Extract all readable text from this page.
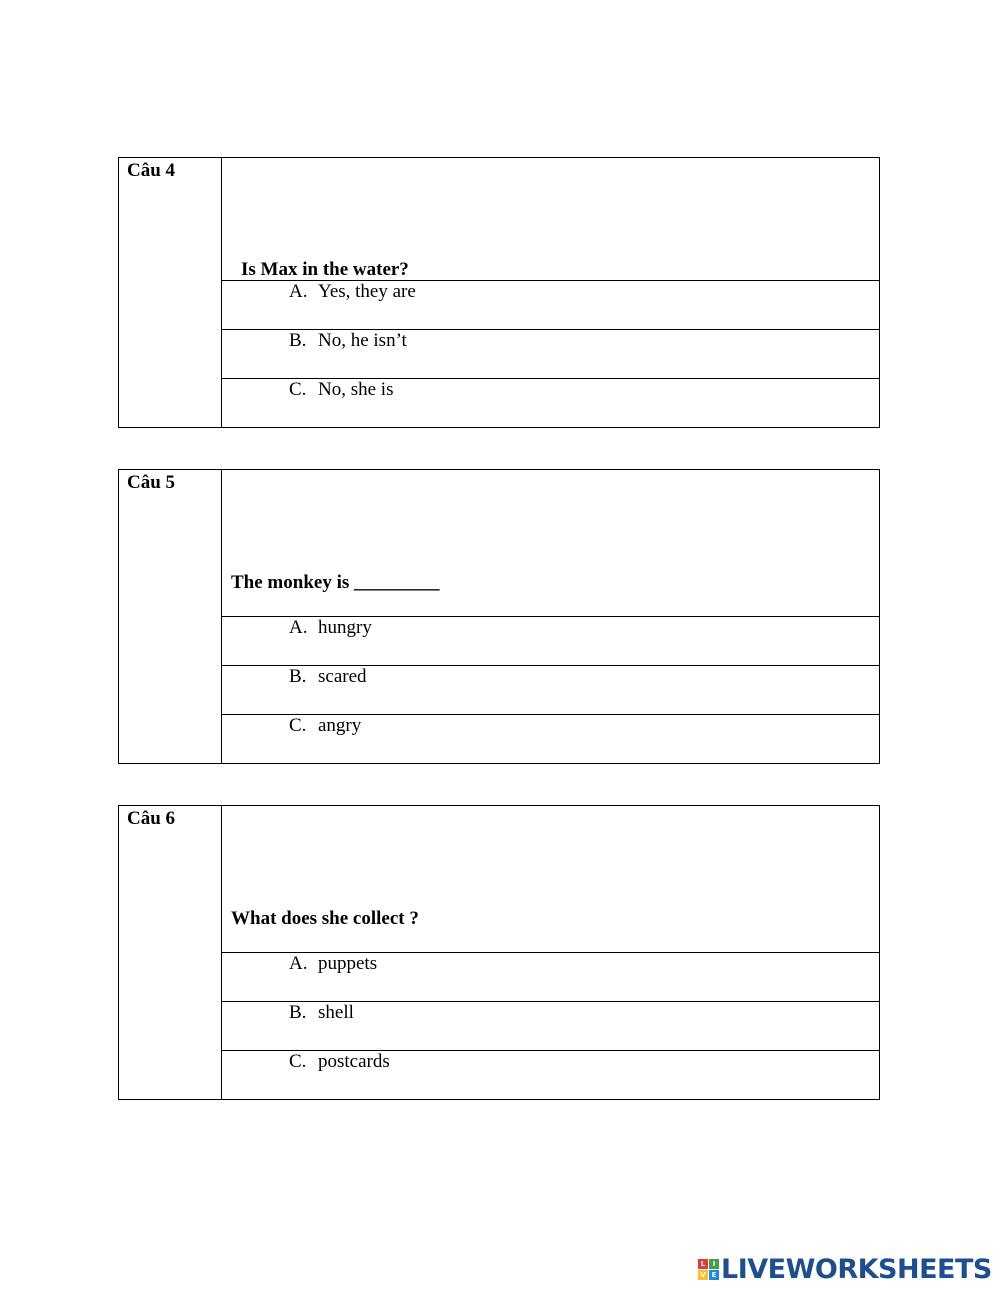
Câu 4	
Is Max in the water?

A. Yes, they are
B. No, he isn’t
C. No, she is
Câu 5	
The monkey is _________

A. hungry
B. scared
C. angry
Câu 6	
What does she collect ?

A. puppets
B. shell
C. postcards
L	I
V E LIVEWORKSHEETS
